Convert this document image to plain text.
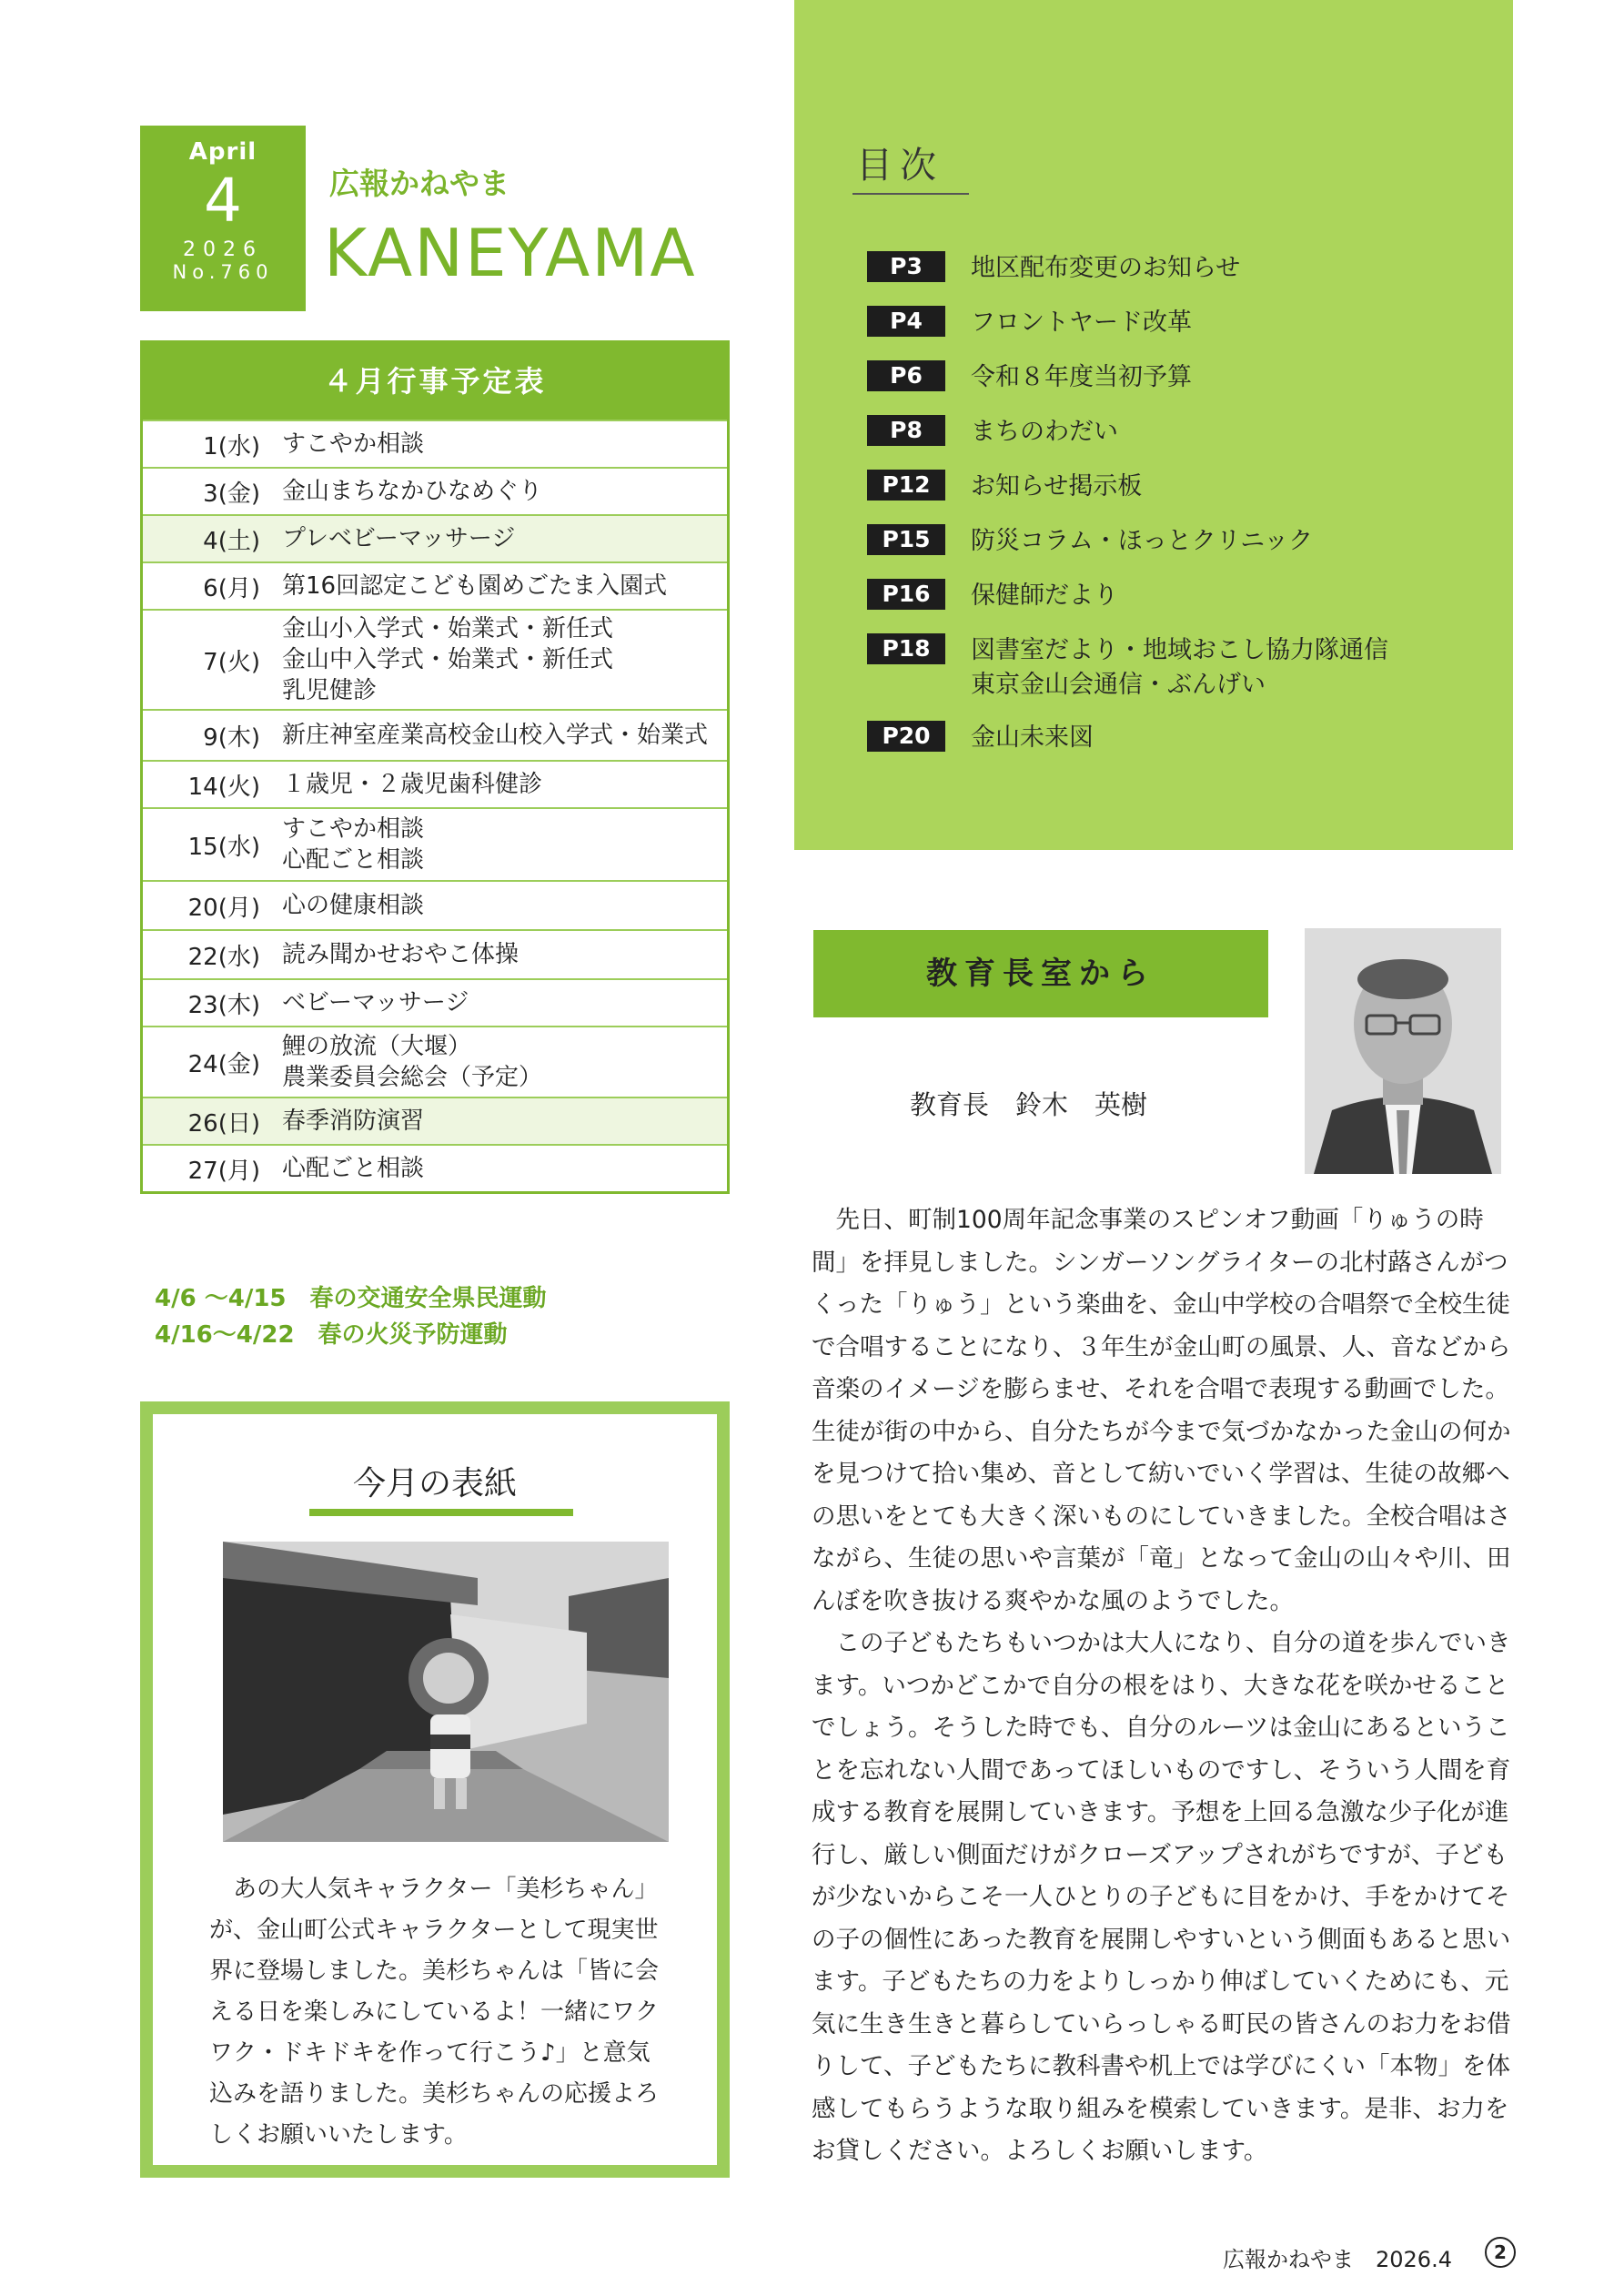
April
4
2026
No.760
広報かねやま
KANEYAMA
４月行事予定表
1(水) すこやか相談
3(金) 金山まちなかひなめぐり
4(土) プレベビーマッサージ
6(月) 第16回認定こども園めごたま入園式
7(火)
金山小入学式・始業式・新任式
金山中入学式・始業式・新任式
乳児健診
9(木) 新庄神室産業高校金山校入学式・始業式
14(火) １歳児・２歳児歯科健診
15(水)
すこやか相談
心配ごと相談
20(月) 心の健康相談
22(水) 読み聞かせおやこ体操
23(木) ベビーマッサージ
24(金)
鯉の放流（大堰）
農業委員会総会（予定）
26(日) 春季消防演習
27(月) 心配ごと相談
4/6 ～4/15　春の交通安全県民運動
4/16～4/22　春の火災予防運動
今月の表紙
あの大人気キャラクター「美杉ちゃん」が、金山町公式キャラクターとして現実世界に登場しました。美杉ちゃんは「皆に会える日を楽しみにしているよ！一緒にワクワク・ドキドキを作って行こう♪」と意気込みを語りました。美杉ちゃんの応援よろしくお願いいたします。
目次
P3	地区配布変更のお知らせ
P4	フロントヤード改革
P6	令和８年度当初予算
P8	まちのわだい
P12	お知らせ掲示板
P15	防災コラム・ほっとクリニック
P16	保健師だより
P18	図書室だより・地域おこし協力隊通信
東京金山会通信・ぶんげい
P20	金山未来図
教育長室から
教育長　鈴木　英樹

先日、町制100周年記念事業のスピンオフ動画「りゅうの時間」を拝見しました。シンガーソングライターの北村蕗さんがつくった「りゅう」という楽曲を、金山中学校の合唱祭で全校生徒で合唱することになり、３年生が金山町の風景、人、音などから音楽のイメージを膨らませ、それを合唱で表現する動画でした。生徒が街の中から、自分たちが今まで気づかなかった金山の何かを見つけて拾い集め、音として紡いでいく学習は、生徒の故郷への思いをとても大きく深いものにしていきました。全校合唱はさながら、生徒の思いや言葉が「竜」となって金山の山々や川、田んぼを吹き抜ける爽やかな風のようでした。

この子どもたちもいつかは大人になり、自分の道を歩んでいきます。いつかどこかで自分の根をはり、大きな花を咲かせることでしょう。そうした時でも、自分のルーツは金山にあるということを忘れない人間であってほしいものですし、そういう人間を育成する教育を展開していきます。予想を上回る急激な少子化が進行し、厳しい側面だけがクローズアップされがちですが、子どもが少ないからこそ一人ひとりの子どもに目をかけ、手をかけてその子の個性にあった教育を展開しやすいという側面もあると思います。子どもたちの力をよりしっかり伸ばしていくためにも、元気に生き生きと暮らしていらっしゃる町民の皆さんのお力をお借りして、子どもたちに教科書や机上では学びにくい「本物」を体感してもらうような取り組みを模索していきます。是非、お力をお貸しください。よろしくお願いします。

広報かねやま　2026.4	2
